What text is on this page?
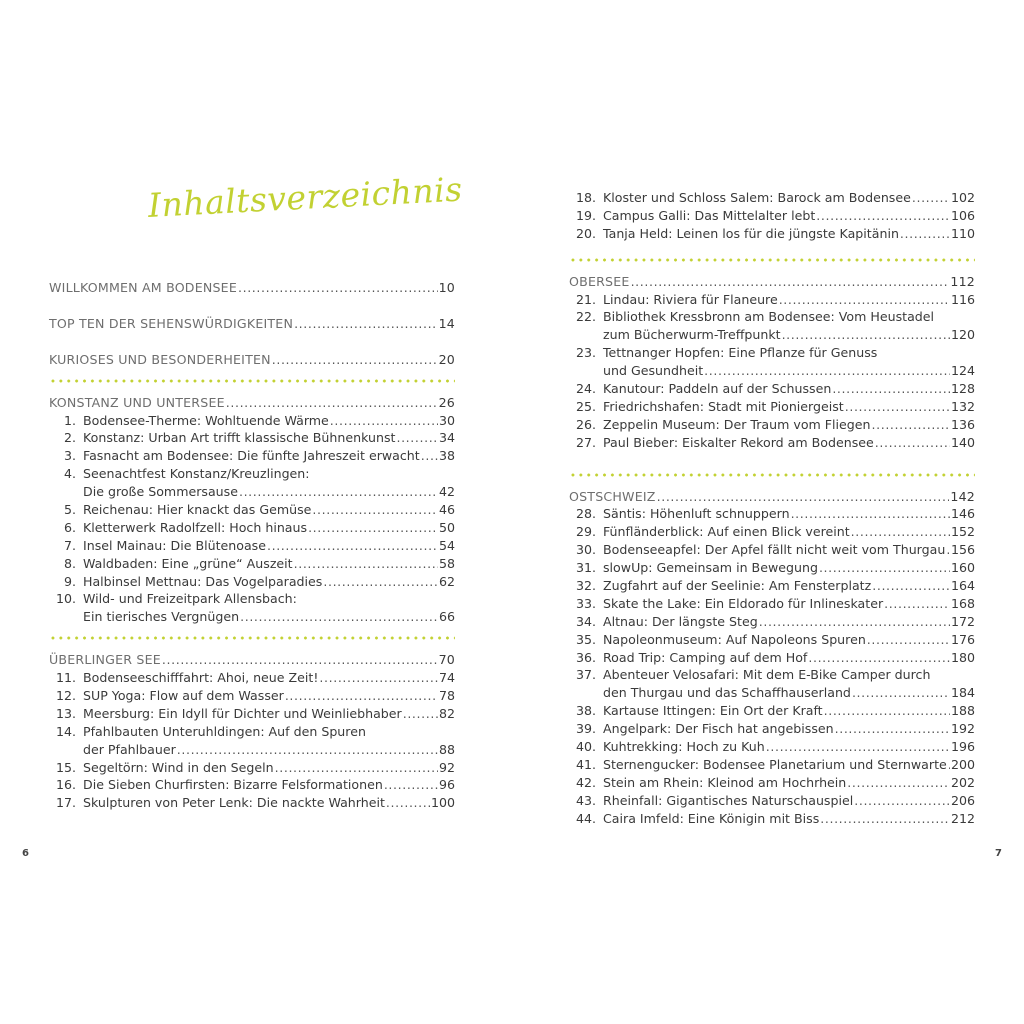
Inhaltsverzeichnis
WILLKOMMEN AM BODENSEE .....	10
TOP TEN DER SEHENSWÜRDIGKEITEN .....	14
KURIOSES UND BESONDERHEITEN .....	20
KONSTANZ UND UNTERSEE .....	26
1. Bodensee-Therme: Wohltuende Wärme .....	30
2. Konstanz: Urban Art trifft klassische Bühnenkunst .....	34
3. Fasnacht am Bodensee: Die fünfte Jahreszeit erwacht ..... 38
4. Seenachtfest Konstanz/Kreuzlingen:
Die große Sommersause .....	42
5. Reichenau: Hier knackt das Gemüse .....	46
6. Kletterwerk Radolfzell: Hoch hinaus .....	50
7. Insel Mainau: Die Blütenoase .....	54
8. Waldbaden: Eine „grüne“ Auszeit .....	58
9. Halbinsel Mettnau: Das Vogelparadies .....	62
10. Wild- und Freizeitpark Allensbach:
Ein tierisches Vergnügen .....	66
ÜBERLINGER SEE .....	70
11. Bodenseeschifffahrt: Ahoi, neue Zeit! .....	74
12. SUP Yoga: Flow auf dem Wasser .....	78
13. Meersburg: Ein Idyll für Dichter und Weinliebhaber .....	82
14. Pfahlbauten Unteruhldingen: Auf den Spuren
der Pfahlbauer .....	88
15. Segeltörn: Wind in den Segeln .....	92
16. Die Sieben Churfirsten: Bizarre Felsformationen .....	96
17. Skulpturen von Peter Lenk: Die nackte Wahrheit .....	100
18. Kloster und Schloss Salem: Barock am Bodensee .....	102
19. Campus Galli: Das Mittelalter lebt .....	106
20. Tanja Held: Leinen los für die jüngste Kapitänin .....	110
OBERSEE .....	112
21. Lindau: Riviera für Flaneure .....	116
22. Bibliothek Kressbronn am Bodensee: Vom Heustadel
zum Bücherwurm-Treffpunkt .....	120
23. Tettnanger Hopfen: Eine Pflanze für Genuss
und Gesundheit .....	124
24. Kanutour: Paddeln auf der Schussen .....	128
25. Friedrichshafen: Stadt mit Pioniergeist .....	132
26. Zeppelin Museum: Der Traum vom Fliegen .....	136
27. Paul Bieber: Eiskalter Rekord am Bodensee .....	140
OSTSCHWEIZ .....	142
28. Säntis: Höhenluft schnuppern .....	146
29. Fünfländerblick: Auf einen Blick vereint .....	152
30. Bodenseeapfel: Der Apfel fällt nicht weit vom Thurgau ..... 156
31. slowUp: Gemeinsam in Bewegung .....	160
32. Zugfahrt auf der Seelinie: Am Fensterplatz .....	164
33. Skate the Lake: Ein Eldorado für Inlineskater .....	168
34. Altnau: Der längste Steg .....	172
35. Napoleonmuseum: Auf Napoleons Spuren .....	176
36. Road Trip: Camping auf dem Hof .....	180
37. Abenteuer Velosafari: Mit dem E-Bike Camper durch
den Thurgau und das Schaffhauserland .....	184
38. Kartause Ittingen: Ein Ort der Kraft .....	188
39. Angelpark: Der Fisch hat angebissen .....	192
40. Kuhtrekking: Hoch zu Kuh .....	196
41. Sternengucker: Bodensee Planetarium und Sternwarte ..... 200
42. Stein am Rhein: Kleinod am Hochrhein .....	202
43. Rheinfall: Gigantisches Naturschauspiel .....	206
44. Caira Imfeld: Eine Königin mit Biss .....	212
6	7
